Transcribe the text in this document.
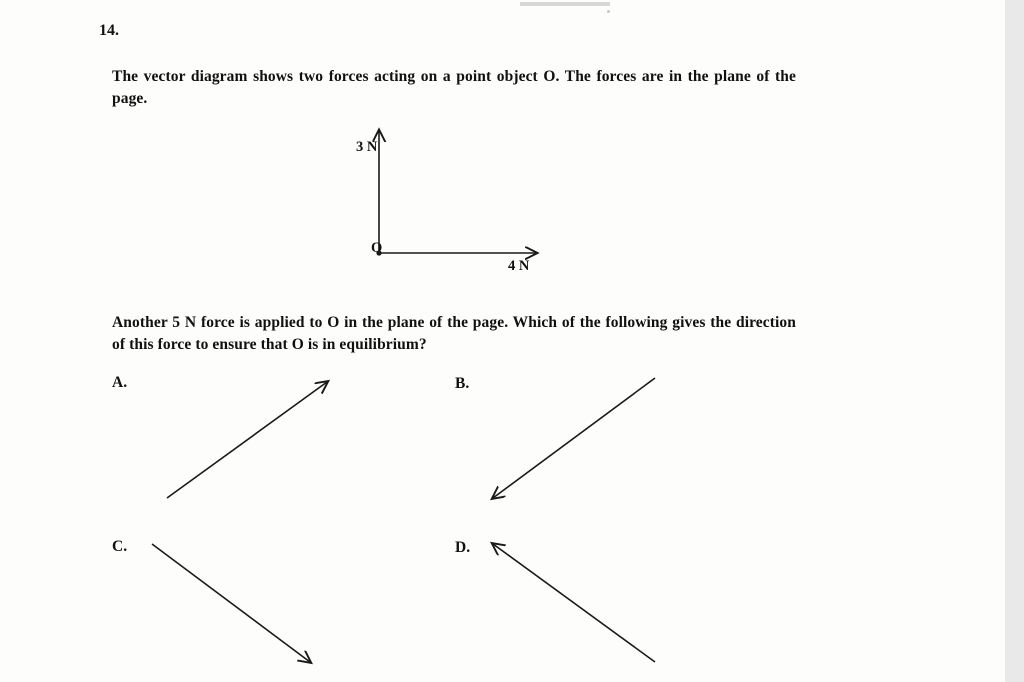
14.
The vector diagram shows two forces acting on a point object O. The forces are in the plane of the page.
3 N
4 N
O
Another 5 N force is applied to O in the plane of the page. Which of the following gives the direction of this force to ensure that O is in equilibrium?
A.	B.
C.	D.
